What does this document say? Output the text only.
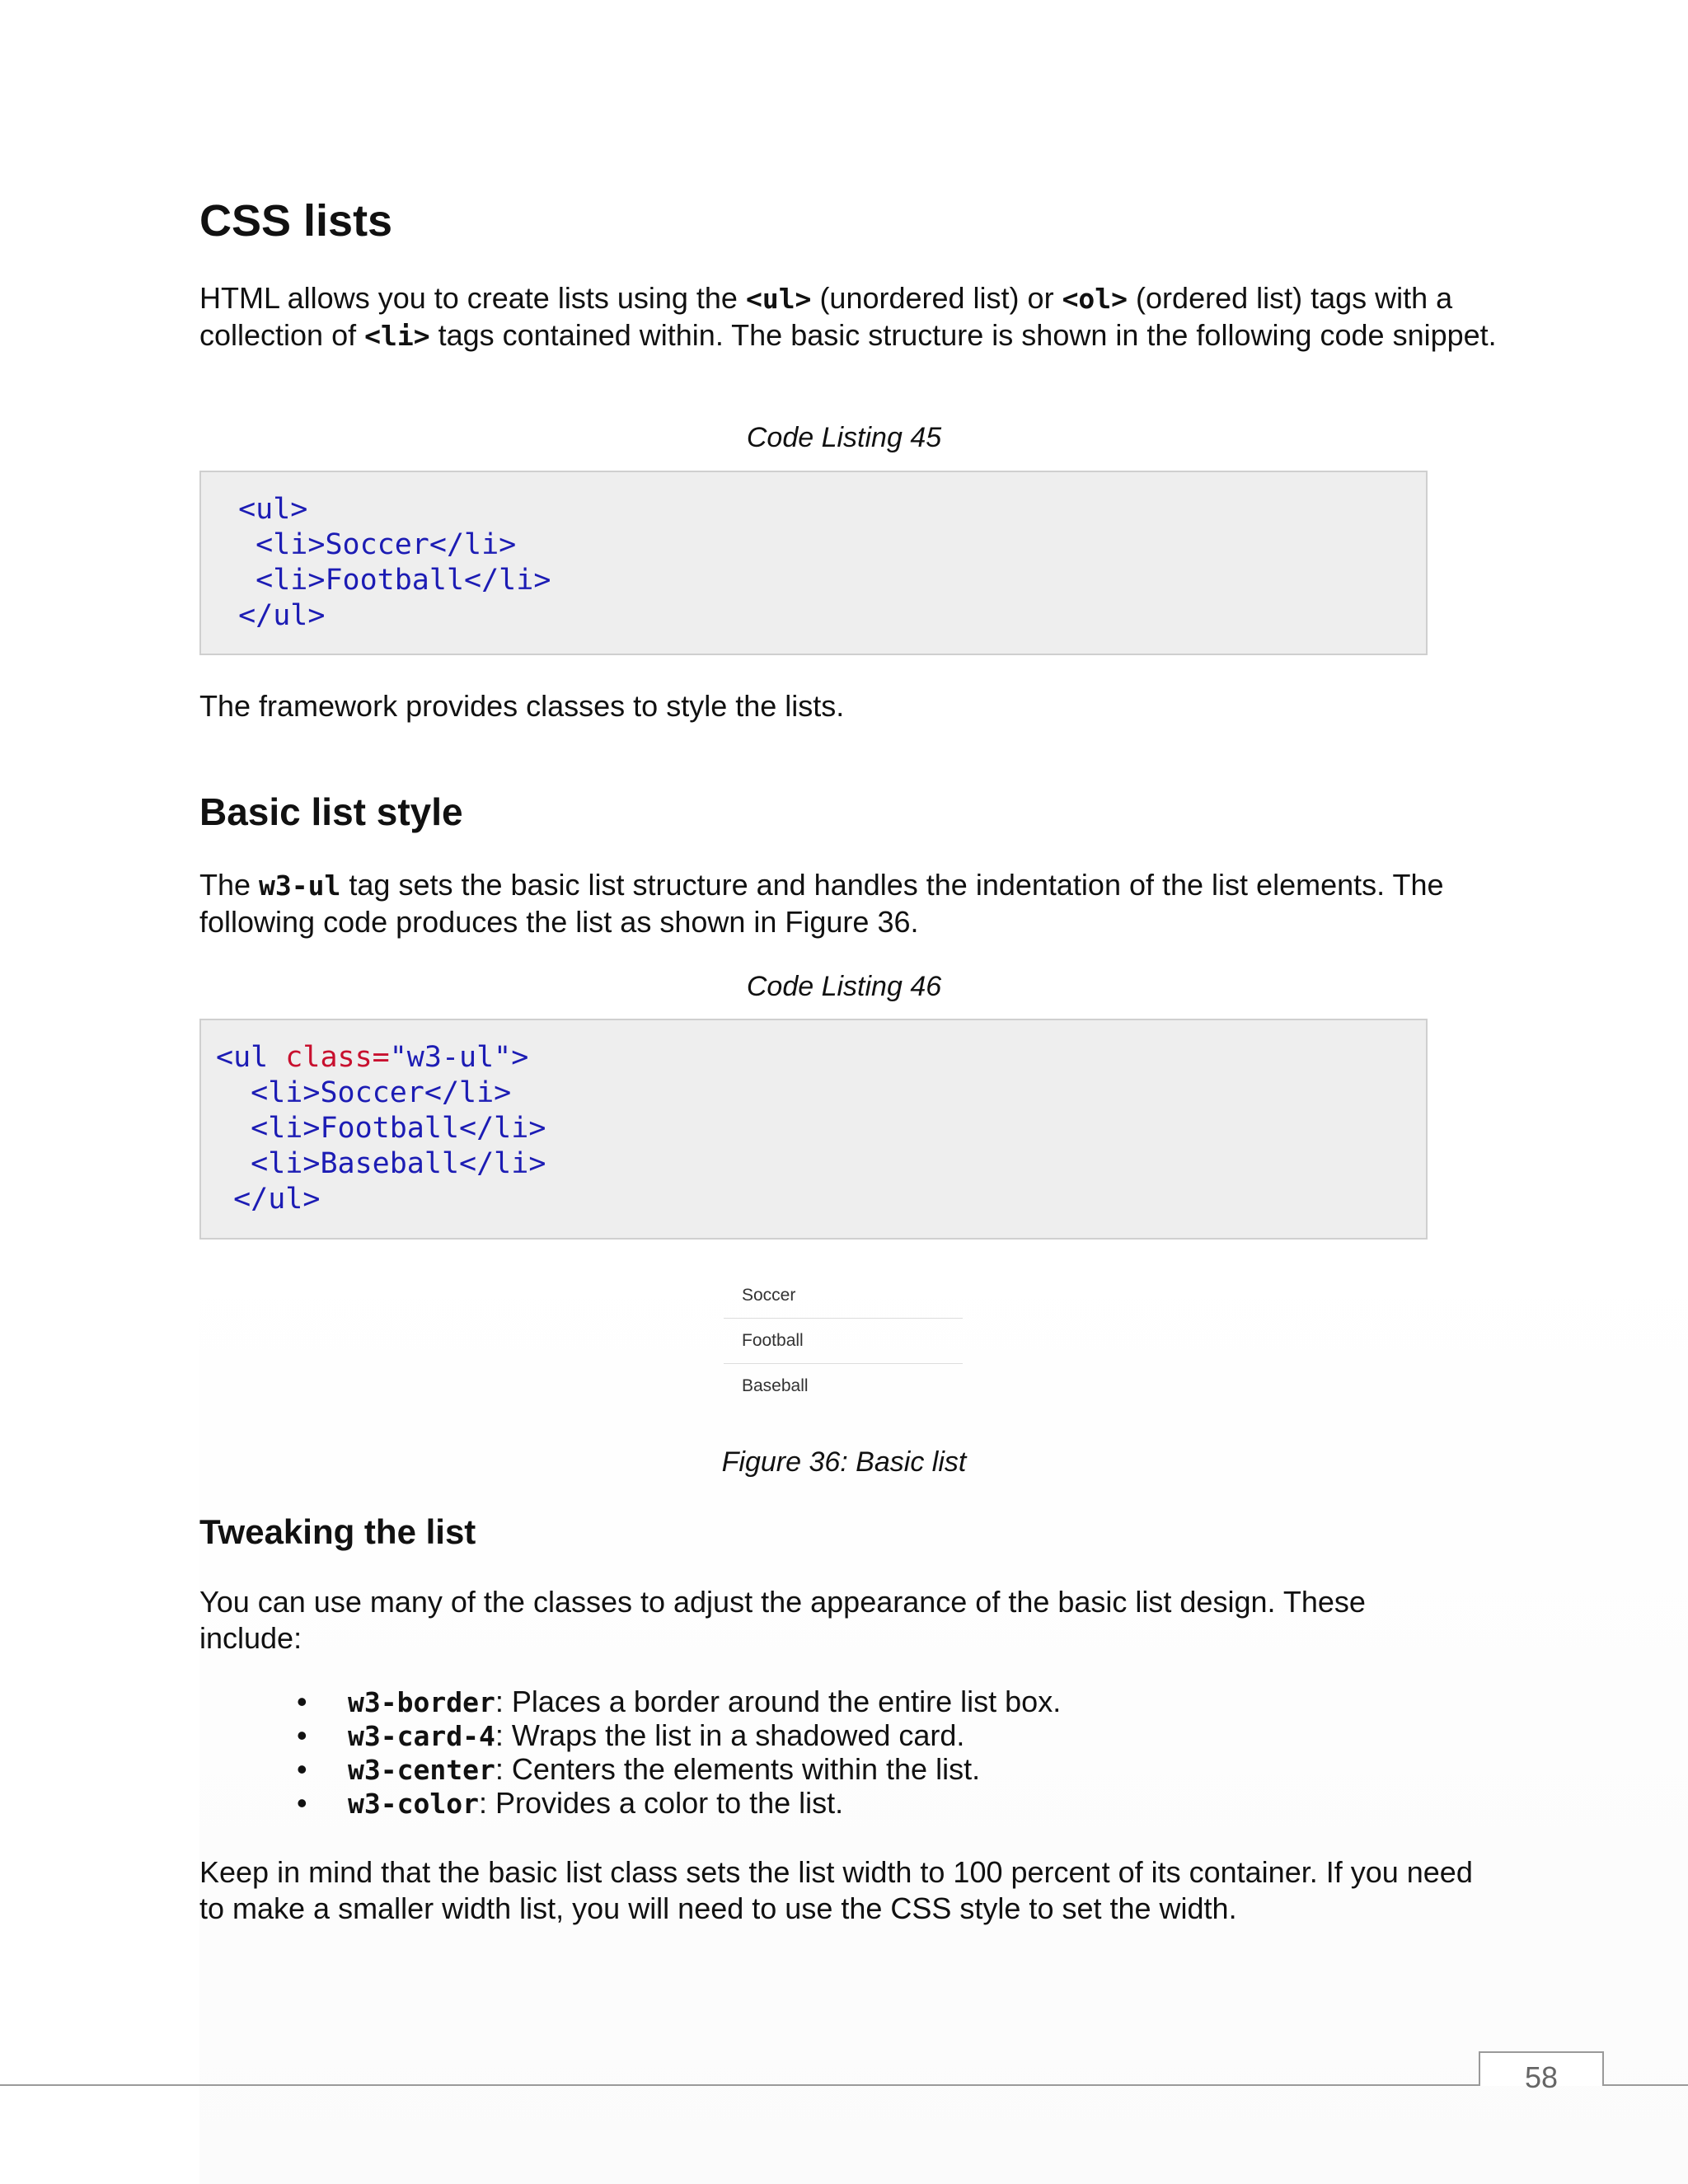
CSS lists

HTML allows you to create lists using the <ul> (unordered list) or <ol> (ordered list) tags with a collection of <li> tags contained within. The basic structure is shown in the following code snippet.

Code Listing 45

<ul>
<li>Soccer</li>
<li>Football</li>
</ul>

The framework provides classes to style the lists.

Basic list style

The w3-ul tag sets the basic list structure and handles the indentation of the list elements. The following code produces the list as shown in Figure 36.

Code Listing 46

<ul class="w3-ul">
<li>Soccer</li>
<li>Football</li>
<li>Baseball</li>
</ul>
Soccer
Football
Baseball

Figure 36: Basic list

Tweaking the list

You can use many of the classes to adjust the appearance of the basic list design. These include:

• w3-border: Places a border around the entire list box.
• w3-card-4: Wraps the list in a shadowed card.
• w3-center: Centers the elements within the list.
• w3-color: Provides a color to the list.

Keep in mind that the basic list class sets the list width to 100 percent of its container. If you need to make a smaller width list, you will need to use the CSS style to set the width.

58
